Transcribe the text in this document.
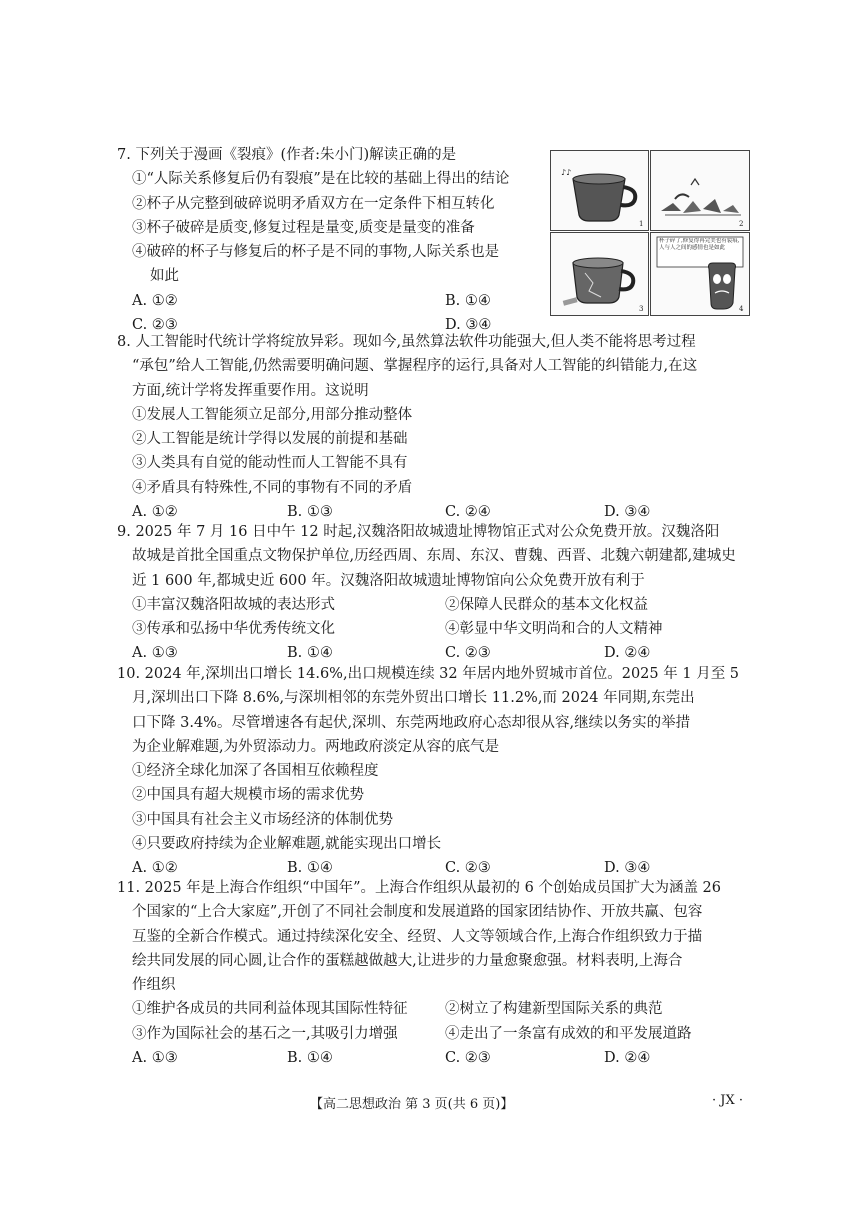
7. 下列关于漫画《裂痕》(作者:朱小门)解读正确的是
①“人际关系修复后仍有裂痕”是在比较的基础上得出的结论
②杯子从完整到破碎说明矛盾双方在一定条件下相互转化
③杯子破碎是质变,修复过程是量变,质变是量变的准备
④破碎的杯子与修复后的杯子是不同的事物,人际关系也是
如此
A. ①②	B. ①④
C. ②③	D. ③④
♪♪
1	2
3
杯子碎了,修复得再完美也有裂痕,人与人之间的感情也是如此
4
8. 人工智能时代统计学将绽放异彩。现如今,虽然算法软件功能强大,但人类不能将思考过程
“承包”给人工智能,仍然需要明确问题、掌握程序的运行,具备对人工智能的纠错能力,在这
方面,统计学将发挥重要作用。这说明
①发展人工智能须立足部分,用部分推动整体
②人工智能是统计学得以发展的前提和基础
③人类具有自觉的能动性而人工智能不具有
④矛盾具有特殊性,不同的事物有不同的矛盾
A. ①②	B. ①③	C. ②④	D. ③④
9. 2025 年 7 月 16 日中午 12 时起,汉魏洛阳故城遗址博物馆正式对公众免费开放。汉魏洛阳
故城是首批全国重点文物保护单位,历经西周、东周、东汉、曹魏、西晋、北魏六朝建都,建城史
近 1 600 年,都城史近 600 年。汉魏洛阳故城遗址博物馆向公众免费开放有利于
①丰富汉魏洛阳故城的表达形式	②保障人民群众的基本文化权益
③传承和弘扬中华优秀传统文化	④彰显中华文明尚和合的人文精神
A. ①③	B. ①④	C. ②③	D. ②④
10. 2024 年,深圳出口增长 14.6%,出口规模连续 32 年居内地外贸城市首位。2025 年 1 月至 5
月,深圳出口下降 8.6%,与深圳相邻的东莞外贸出口增长 11.2%,而 2024 年同期,东莞出
口下降 3.4%。尽管增速各有起伏,深圳、东莞两地政府心态却很从容,继续以务实的举措
为企业解难题,为外贸添动力。两地政府淡定从容的底气是
①经济全球化加深了各国相互依赖程度
②中国具有超大规模市场的需求优势
③中国具有社会主义市场经济的体制优势
④只要政府持续为企业解难题,就能实现出口增长
A. ①②	B. ①④	C. ②③	D. ③④
11. 2025 年是上海合作组织“中国年”。上海合作组织从最初的 6 个创始成员国扩大为涵盖 26
个国家的“上合大家庭”,开创了不同社会制度和发展道路的国家团结协作、开放共赢、包容
互鉴的全新合作模式。通过持续深化安全、经贸、人文等领域合作,上海合作组织致力于描
绘共同发展的同心圆,让合作的蛋糕越做越大,让进步的力量愈聚愈强。材料表明,上海合
作组织
①维护各成员的共同利益体现其国际性特征	②树立了构建新型国际关系的典范
③作为国际社会的基石之一,其吸引力增强	④走出了一条富有成效的和平发展道路
A. ①③	B. ①④	C. ②③	D. ②④
【高二思想政治 第 3 页(共 6 页)】	· JX ·
